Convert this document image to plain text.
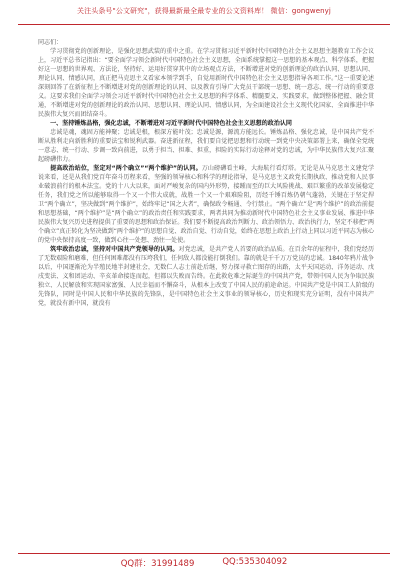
关注头条号"公文研究"，获得最新最全最专业的公文资料库！ 微信：gongwenyj

同志们：

学习贯彻党的创新理论，是强化思想武装的重中之重。在学习贯彻习近平新时代中国特色社会主义思想主题教育工作会议上，习近平总书记指出：“要全面学习领会新时代中国特色社会主义思想，全面系统掌握这一思想的基本观点、科学体系，把握好这一思想的世界观、方法论，坚持好、运用好贯穿其中的立场观点方法，不断增进对党的创新理论的政治认同、思想认同、理论认同、情感认同，真正把马克思主义看家本领学到手，自觉用新时代中国特色社会主义思想指导各项工作。”这一重要论述深刻回答了在新征程上不断增进对党的创新理论的认同、以及教育引导广大党员干部统一思想、统一意志、统一行动的重要意义。这要求我们全面学习领会习近平新时代中国特色社会主义思想的科学体系、精髓要义、实践要求，做到整体把握、融会贯通，不断增进对党的创新理论的政治认同、思想认同、理论认同、情感认同，为全面建设社会主义现代化国家、全面推进中华民族伟大复兴而团结奋斗。

一、坚持锤炼品格，强化忠诚，不断增进对习近平新时代中国特色社会主义思想的政治认同

忠诚是魂，魂固方能神聚；忠诚是根，根深方能叶茂；忠诚是源，源流方能远长。锤炼品格、强化忠诚，是中国共产党不断从胜利走向新胜利的重要法宝和锐利武器。奋进新征程，我们要自觉把思想和行动统一到党中央决策部署上来，确保全党统一意志、统一行动、步调一致向前进，以勇于担当、担难、担重，担险的实际行动诠释对党的忠诚，为中华民族伟大复兴汇聚起磅礴伟力。

提高政治站位，坚定对“两个确立”“两个维护”的认同。万山磅礴看主峰，大海航行看灯塔。无论是从马克思主义建党学说来看，还是从我们党百年奋斗历程来看，坚强的领导核心和科学的理论指导，是马克思主义政党长期执政、推动党和人民事业破浪前行的根本法宝。党的十八大以来，面对严峻复杂的国内外形势，接踵而至的巨大风险挑战、艰巨繁重的改革发展稳定任务，我们党之所以能够取得一个又一个伟大成就，战胜一个又一个艰难险阻，历经千锤百炼仍朝气蓬勃，关键在于坚定捍卫“两个确立”，坚决做到“两个维护”，始终牢记“国之大者”，确保政令畅通、令行禁止。“两个确立”是“两个维护”的政治前提和思想基础，“两个维护”是“两个确立”的政治责任和实践要求，两者共同为推动新时代中国特色社会主义事业发展、推进中华民族伟大复兴历史进程提供了重要的思想和政治保证。我们要不断提高政治判断力、政治领悟力、政治执行力，坚定不移把“两个确立”真正转化为坚决做到“两个维护”的思想自觉、政治自觉、行动自觉，始终在思想上政治上行动上同以习近平同志为核心的党中央保持高度一致，做到心往一处想、劲往一处使。

筑牢政治忠诚，坚持对中国共产党领导的认同。对党忠诚，是共产党人首要的政治品质。在百余年的征程中，我们党经历了无数艰险和磨难，但任何困难都没有压垮我们，任何敌人都没能打倒我们。靠的就是千千万万党员的忠诚。1840年鸦片战争以后，中国逐渐沦为半殖民地半封建社会，无数仁人志士前赴后继，努力探寻救亡图存的出路，太平天国运动、洋务运动、戊戌变法、义和团运动、辛亥革命接连而起，但都以失败而告终。在此救危难之际诞生的中国共产党，带领中国人民为争取民族独立、人民解放和实现国家富强、人民幸福而不懈奋斗，从根本上改变了中国人民的前途命运。中国共产党是中国工人阶级的先锋队，同时是中国人民和中华民族的先锋队，是中国特色社会主义事业的领导核心，历史和现实充分证明，没有中国共产党，就没有新中国，就没有

QQ群：31991489	QQ:535304092
